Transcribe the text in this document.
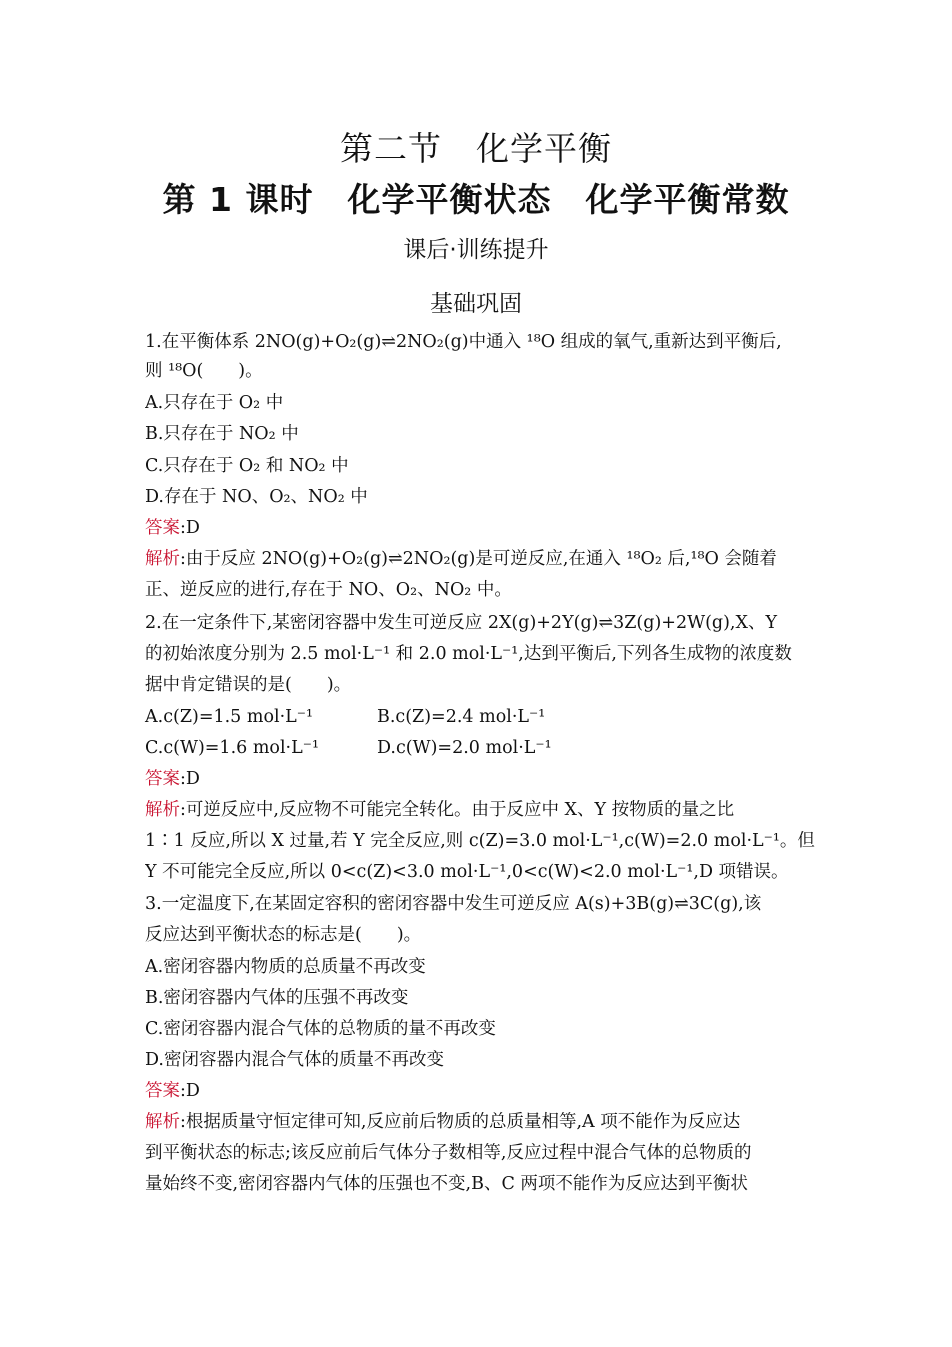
第二节　化学平衡
第 1 课时　化学平衡状态　化学平衡常数
课后·训练提升
基础巩固
1.在平衡体系 2NO(g)+O₂(g)⇌2NO₂(g)中通入 ¹⁸O 组成的氧气,重新达到平衡后,
则 ¹⁸O(　　)。
A.只存在于 O₂ 中
B.只存在于 NO₂ 中
C.只存在于 O₂ 和 NO₂ 中
D.存在于 NO、O₂、NO₂ 中
答案:D
解析:由于反应 2NO(g)+O₂(g)⇌2NO₂(g)是可逆反应,在通入 ¹⁸O₂ 后,¹⁸O 会随着
正、逆反应的进行,存在于 NO、O₂、NO₂ 中。
2.在一定条件下,某密闭容器中发生可逆反应 2X(g)+2Y(g)⇌3Z(g)+2W(g),X、Y
的初始浓度分别为 2.5 mol·L⁻¹ 和 2.0 mol·L⁻¹,达到平衡后,下列各生成物的浓度数
据中肯定错误的是(　　)。
A.c(Z)=1.5 mol·L⁻¹	B.c(Z)=2.4 mol·L⁻¹
C.c(W)=1.6 mol·L⁻¹	D.c(W)=2.0 mol·L⁻¹
答案:D
解析:可逆反应中,反应物不可能完全转化。由于反应中 X、Y 按物质的量之比
1∶1 反应,所以 X 过量,若 Y 完全反应,则 c(Z)=3.0 mol·L⁻¹,c(W)=2.0 mol·L⁻¹。但
Y 不可能完全反应,所以 0<c(Z)<3.0 mol·L⁻¹,0<c(W)<2.0 mol·L⁻¹,D 项错误。
3.一定温度下,在某固定容积的密闭容器中发生可逆反应 A(s)+3B(g)⇌3C(g),该
反应达到平衡状态的标志是(　　)。
A.密闭容器内物质的总质量不再改变
B.密闭容器内气体的压强不再改变
C.密闭容器内混合气体的总物质的量不再改变
D.密闭容器内混合气体的质量不再改变
答案:D
解析:根据质量守恒定律可知,反应前后物质的总质量相等,A 项不能作为反应达
到平衡状态的标志;该反应前后气体分子数相等,反应过程中混合气体的总物质的
量始终不变,密闭容器内气体的压强也不变,B、C 两项不能作为反应达到平衡状
